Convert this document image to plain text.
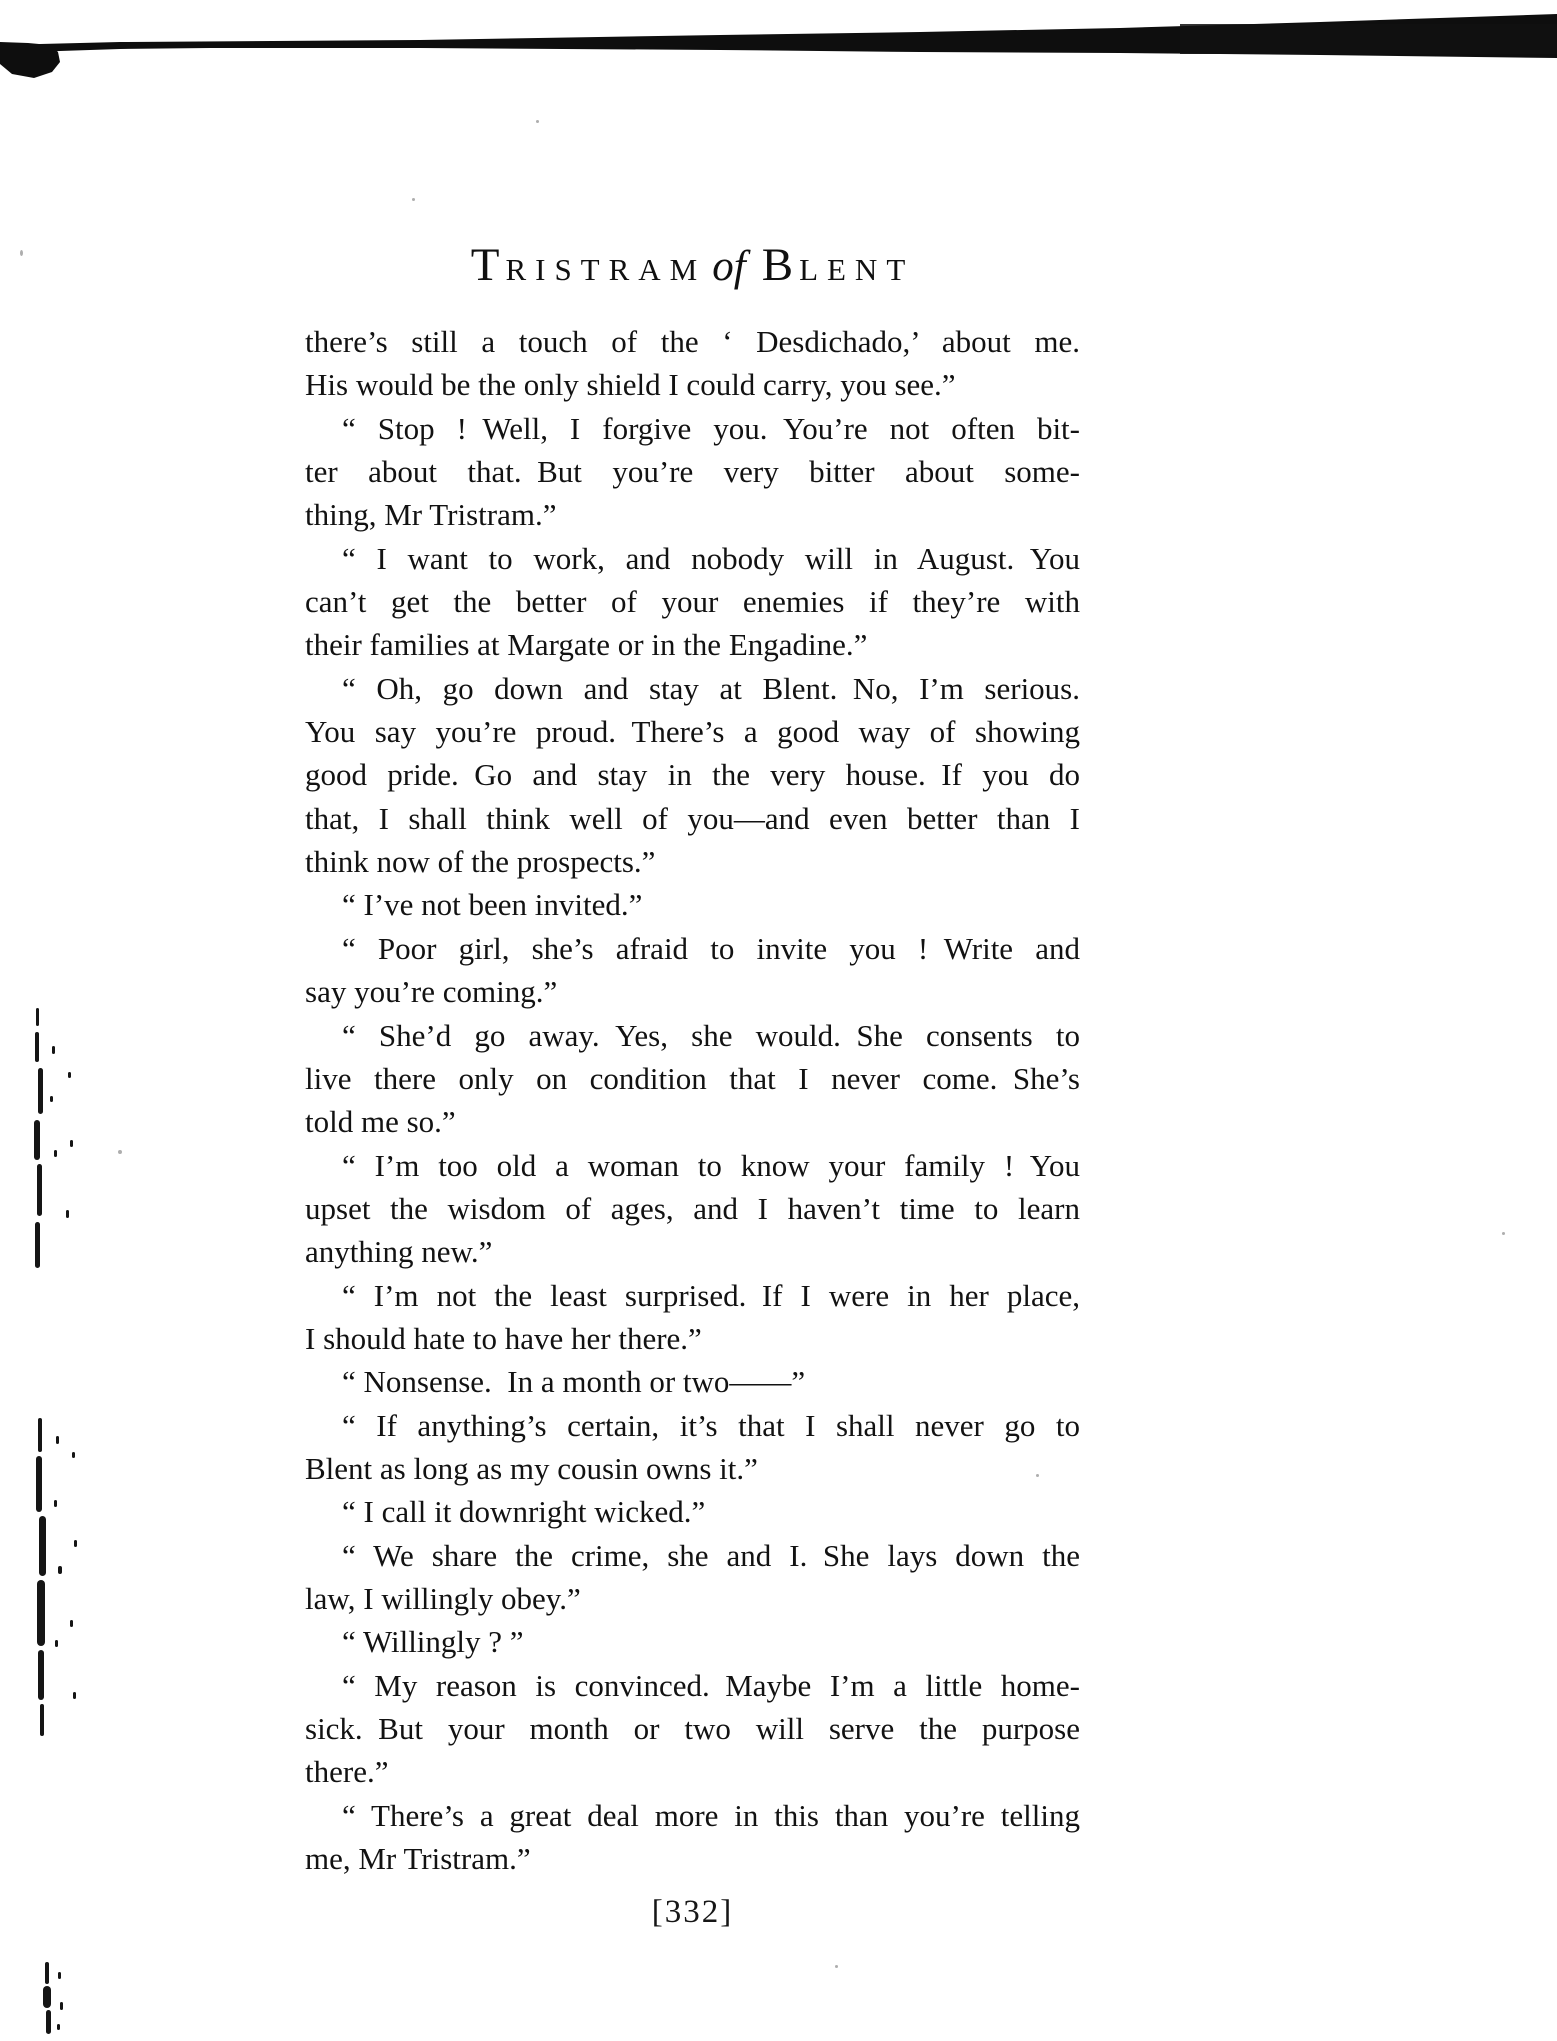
TRISTRAM of BLENT
there’s still a touch of the ‘ Desdichado,’ about me.
His would be the only shield I could carry, you see.”
“ Stop ! Well, I forgive you. You’re not often bit-
ter about that. But you’re very bitter about some-
thing, Mr Tristram.”
“ I want to work, and nobody will in August. You
can’t get the better of your enemies if they’re with
their families at Margate or in the Engadine.”
“ Oh, go down and stay at Blent. No, I’m serious.
You say you’re proud. There’s a good way of showing
good pride. Go and stay in the very house. If you do
that, I shall think well of you—and even better than I
think now of the prospects.”
“ I’ve not been invited.”
“ Poor girl, she’s afraid to invite you ! Write and
say you’re coming.”
“ She’d go away. Yes, she would. She consents to
live there only on condition that I never come. She’s
told me so.”
“ I’m too old a woman to know your family ! You
upset the wisdom of ages, and I haven’t time to learn
anything new.”
“ I’m not the least surprised. If I were in her place,
I should hate to have her there.”
“ Nonsense. In a month or two——”
“ If anything’s certain, it’s that I shall never go to
Blent as long as my cousin owns it.”
“ I call it downright wicked.”
“ We share the crime, she and I. She lays down the
law, I willingly obey.”
“ Willingly ? ”
“ My reason is convinced. Maybe I’m a little home-
sick. But your month or two will serve the purpose
there.”
“ There’s a great deal more in this than you’re telling
me, Mr Tristram.”
[332]
